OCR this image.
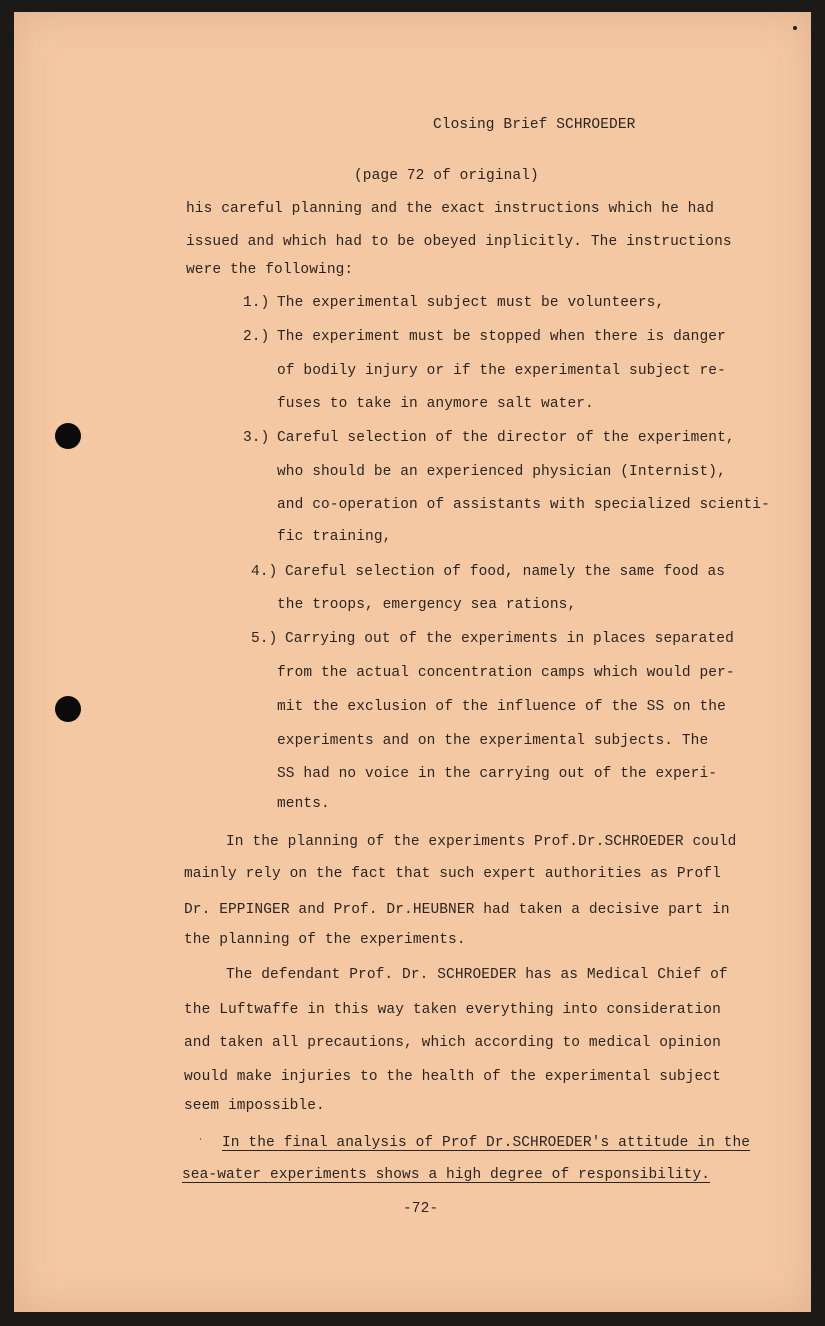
Closing Brief SCHROEDER
(page 72 of original)
his careful planning and the exact instructions which he had
issued and which had to be obeyed inplicitly. The instructions
were the following:
1.) The experimental subject must be volunteers,
2.) The experiment must be stopped when there is danger
of bodily injury or if the experimental subject re-
fuses to take in anymore salt water.
3.) Careful selection of the director of the experiment,
who should be an experienced physician (Internist),
and co-operation of assistants with specialized scienti-
fic training,
4.) Careful selection of food, namely the same food as
the troops, emergency sea rations,
5.) Carrying out of the experiments in places separated
from the actual concentration camps which would per-
mit the exclusion of the influence of the SS on the
experiments and on the experimental subjects. The
SS had no voice in the carrying out of the experi-
ments.
In the planning of the experiments Prof.Dr.SCHROEDER could
mainly rely on the fact that such expert authorities as Profl
Dr. EPPINGER and Prof. Dr.HEUBNER had taken a decisive part in
the planning of the experiments.
The defendant Prof. Dr. SCHROEDER has as Medical Chief of
the Luftwaffe in this way taken everything into consideration
and taken all precautions, which according to medical opinion
would make injuries to the health of the experimental subject
seem impossible.
· In the final analysis of Prof Dr.SCHROEDER's attitude in the
sea-water experiments shows a high degree of responsibility.
-72-
